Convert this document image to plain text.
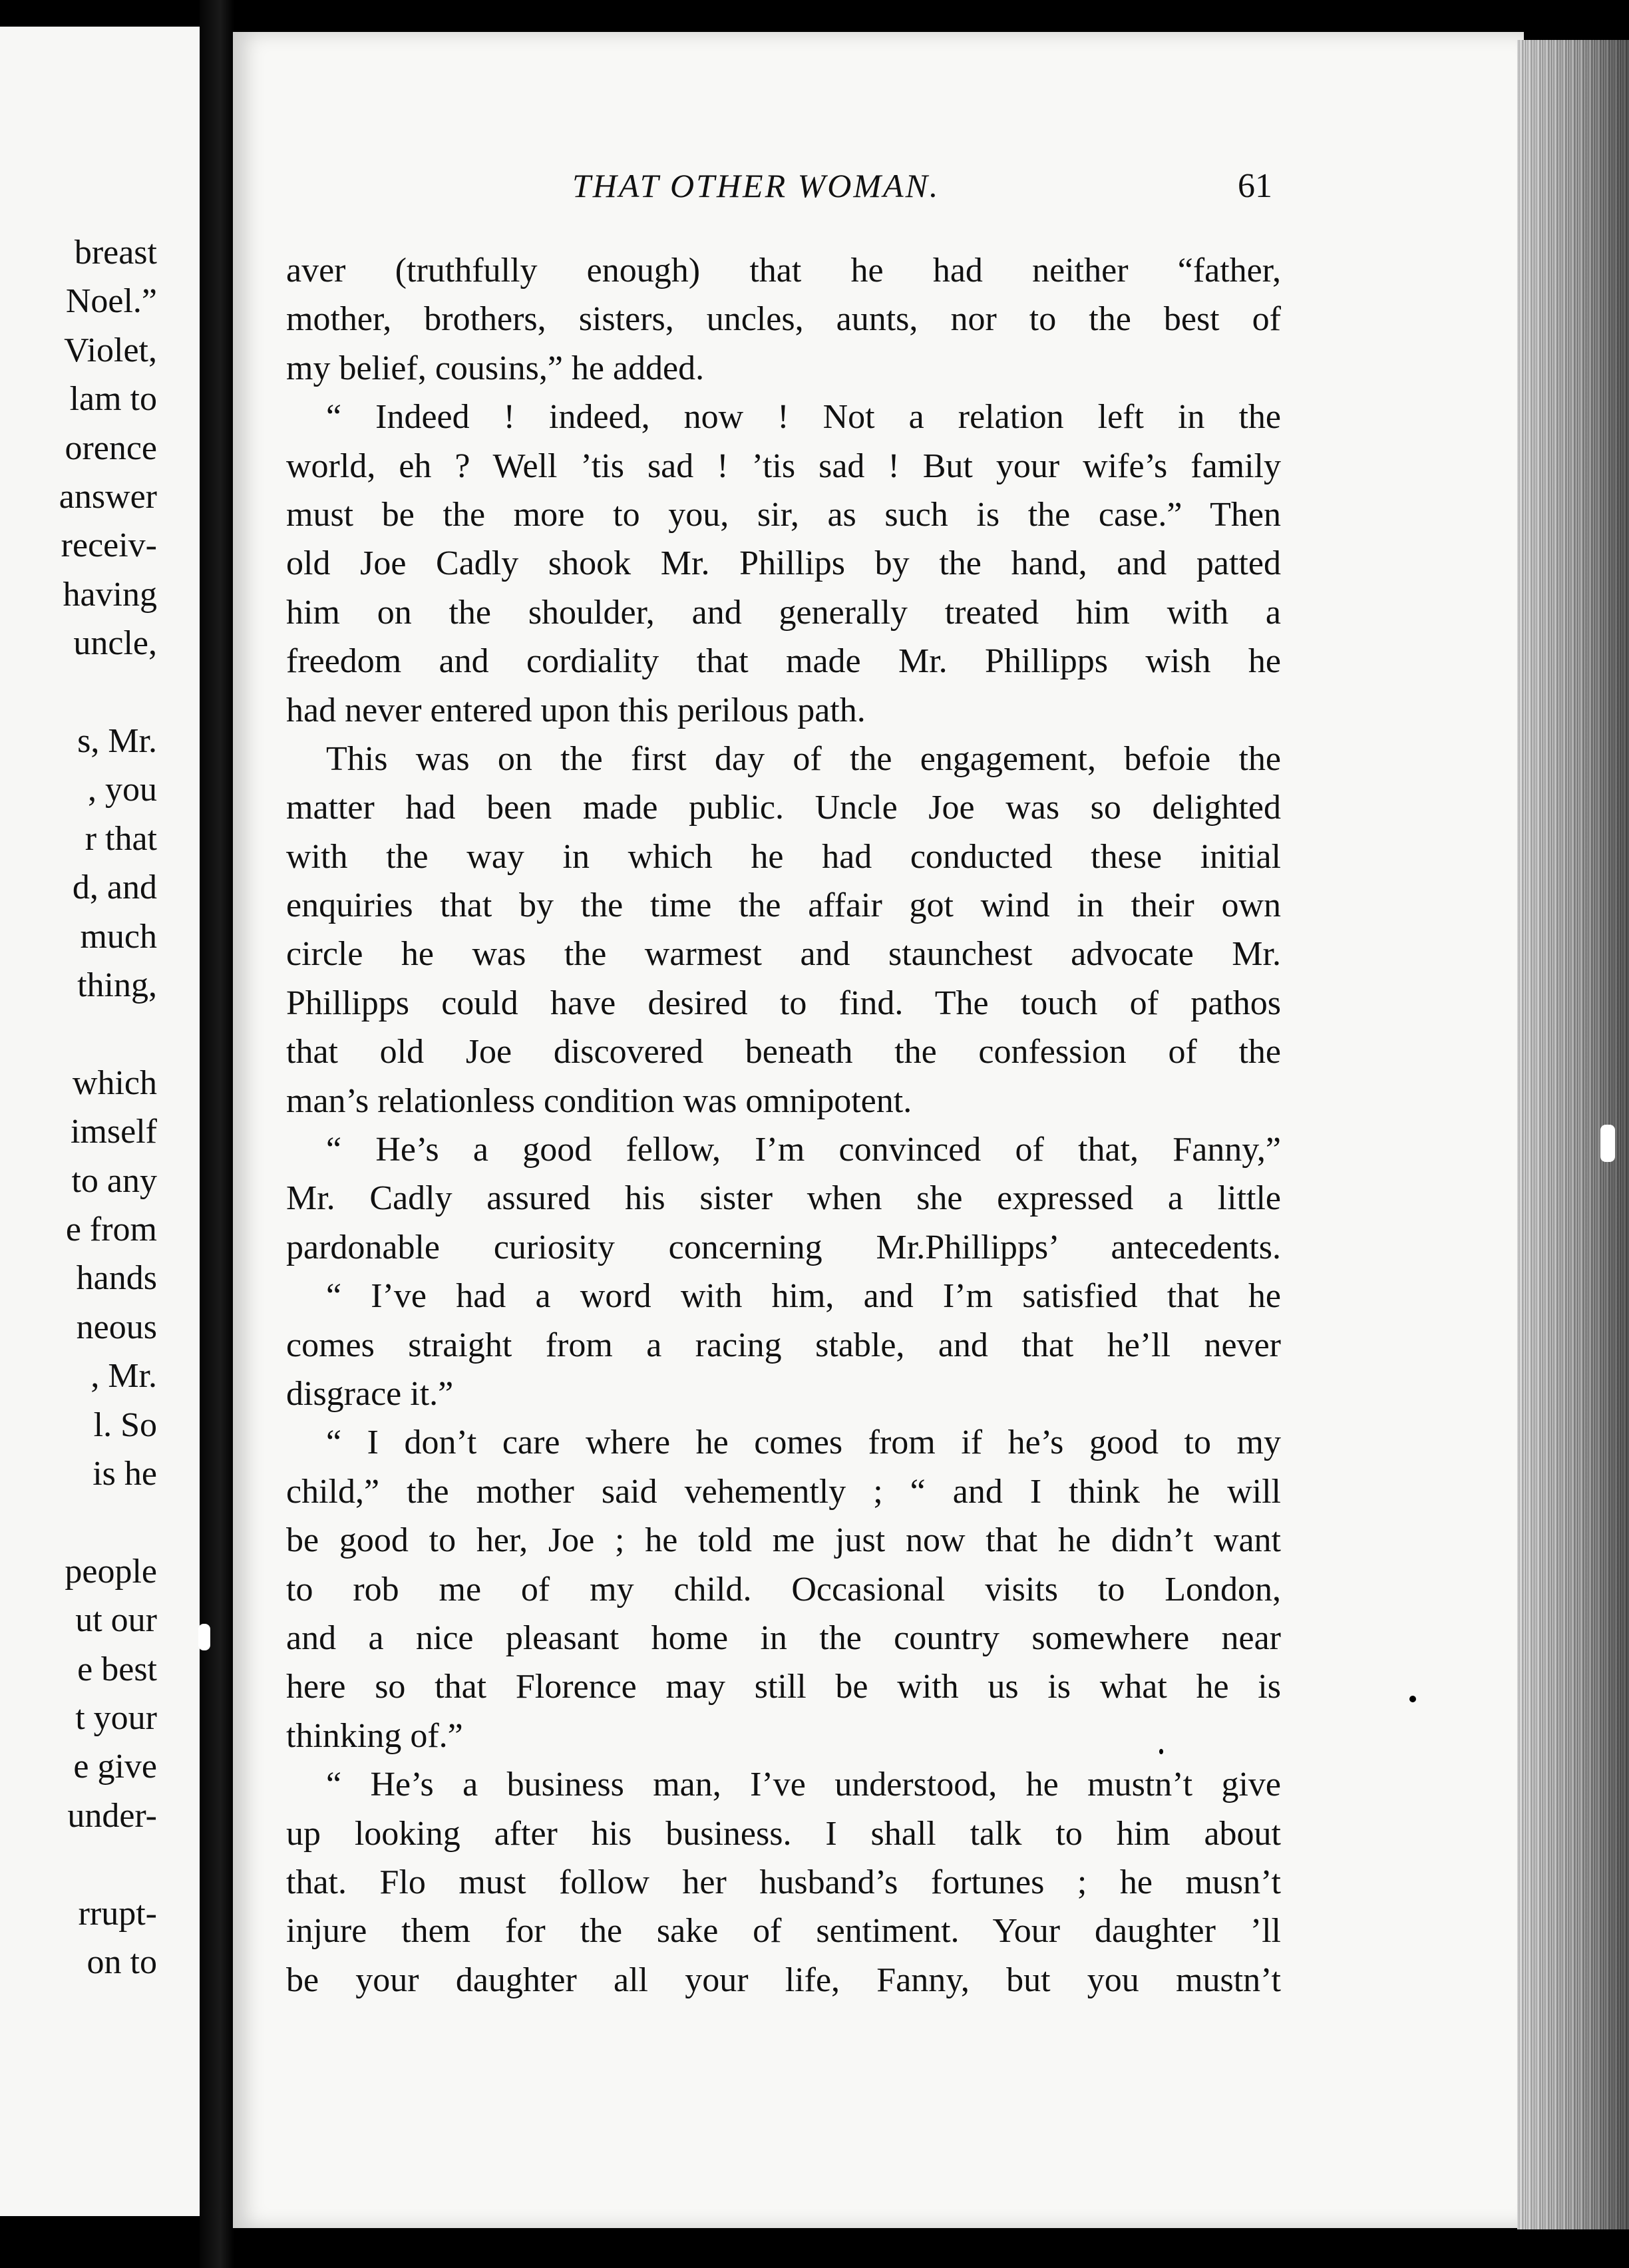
breast
Noel.”
Violet,
lam to
orence
answer
receiv-
having
uncle,
s, Mr.
, you
r that
d, and
much
thing,
which
imself
to any
e from
hands
neous
, Mr.
l. So
is he
people
ut our
e best
t your
e give
under-
rrupt-
on to
THAT OTHER WOMAN.	61
aver (truthfully enough) that he had neither “father,
mother, brothers, sisters, uncles, aunts, nor to the best of
my belief, cousins,” he added.
“ Indeed ! indeed, now ! Not a relation left in the
world, eh ? Well ’tis sad ! ’tis sad ! But your wife’s family
must be the more to you, sir, as such is the case.” Then
old Joe Cadly shook Mr. Phillips by the hand, and patted
him on the shoulder, and generally treated him with a
freedom and cordiality that made Mr. Phillipps wish he
had never entered upon this perilous path.
This was on the first day of the engagement, befoie the
matter had been made public. Uncle Joe was so delighted
with the way in which he had conducted these initial
enquiries that by the time the affair got wind in their own
circle he was the warmest and staunchest advocate Mr.
Phillipps could have desired to find. The touch of pathos
that old Joe discovered beneath the confession of the
man’s relationless condition was omnipotent.
“ He’s a good fellow, I’m convinced of that, Fanny,”
Mr. Cadly assured his sister when she expressed a little
pardonable curiosity concerning Mr.Phillipps’ antecedents.
“ I’ve had a word with him, and I’m satisfied that he
comes straight from a racing stable, and that he’ll never
disgrace it.”
“ I don’t care where he comes from if he’s good to my
child,” the mother said vehemently ; “ and I think he will
be good to her, Joe ; he told me just now that he didn’t want
to rob me of my child. Occasional visits to London,
and a nice pleasant home in the country somewhere near
here so that Florence may still be with us is what he is
thinking of.”
“ He’s a business man, I’ve understood, he mustn’t give
up looking after his business. I shall talk to him about
that. Flo must follow her husband’s fortunes ; he musn’t
injure them for the sake of sentiment. Your daughter ’ll
be your daughter all your life, Fanny, but you mustn’t
